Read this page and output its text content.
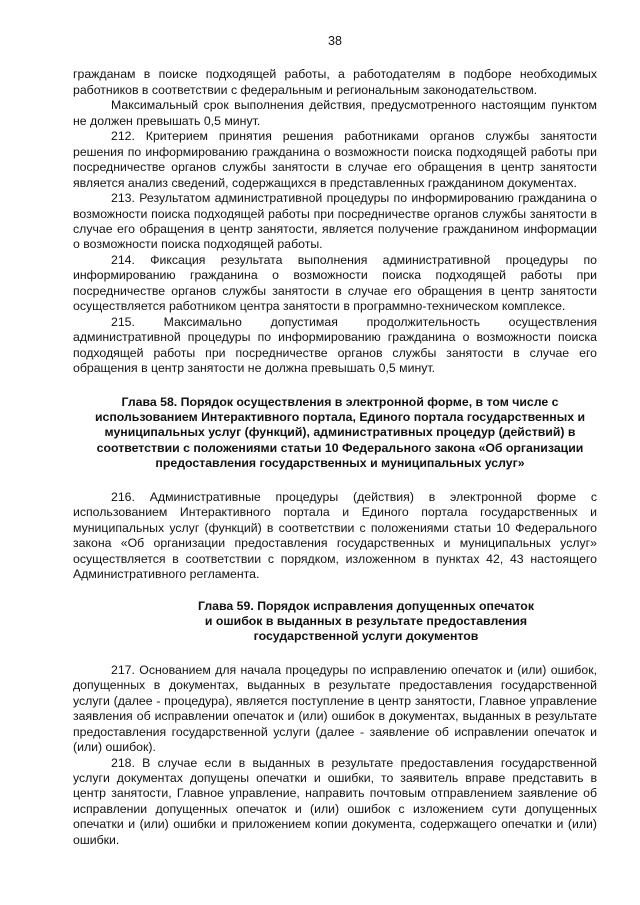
38

гражданам в поиске подходящей работы, а работодателям в подборе необходимых работников в соответствии с федеральным и региональным законодательством.

Максимальный срок выполнения действия, предусмотренного настоящим пунктом не должен превышать 0,5 минут.

212. Критерием принятия решения работниками органов службы занятости решения по информированию гражданина о возможности поиска подходящей работы при посредничестве органов службы занятости в случае его обращения в центр занятости является анализ сведений, содержащихся в представленных гражданином документах.

213. Результатом административной процедуры по информированию гражданина о возможности поиска подходящей работы при посредничестве органов службы занятости в случае его обращения в центр занятости, является получение гражданином информации о возможности поиска подходящей работы.

214. Фиксация результата выполнения административной процедуры по информированию гражданина о возможности поиска подходящей работы при посредничестве органов службы занятости в случае его обращения в центр занятости осуществляется работником центра занятости в программно-техническом комплексе.

215. Максимально допустимая продолжительность осуществления административной процедуры по информированию гражданина о возможности поиска подходящей работы при посредничестве органов службы занятости в случае его обращения в центр занятости не должна превышать 0,5 минут.

Глава 58. Порядок осуществления в электронной форме, в том числе с
использованием Интерактивного портала, Единого портала государственных и
муниципальных услуг (функций), административных процедур (действий) в
соответствии с положениями статьи 10 Федерального закона «Об организации
предоставления государственных и муниципальных услуг»

216. Административные процедуры (действия) в электронной форме с использованием Интерактивного портала и Единого портала государственных и муниципальных услуг (функций) в соответствии с положениями статьи 10 Федерального закона «Об организации предоставления государственных и муниципальных услуг» осуществляется в соответствии с порядком, изложенном в пунктах 42, 43 настоящего Административного регламента.

Глава 59. Порядок исправления допущенных опечаток
и ошибок в выданных в результате предоставления
государственной услуги документов

217. Основанием для начала процедуры по исправлению опечаток и (или) ошибок, допущенных в документах, выданных в результате предоставления государственной услуги (далее - процедура), является поступление в центр занятости, Главное управление заявления об исправлении опечаток и (или) ошибок в документах, выданных в результате предоставления государственной услуги (далее - заявление об исправлении опечаток и (или) ошибок).

218. В случае если в выданных в результате предоставления государственной услуги документах допущены опечатки и ошибки, то заявитель вправе представить в центр занятости, Главное управление, направить почтовым отправлением заявление об исправлении допущенных опечаток и (или) ошибок с изложением сути допущенных опечатки и (или) ошибки и приложением копии документа, содержащего опечатки и (или) ошибки.
